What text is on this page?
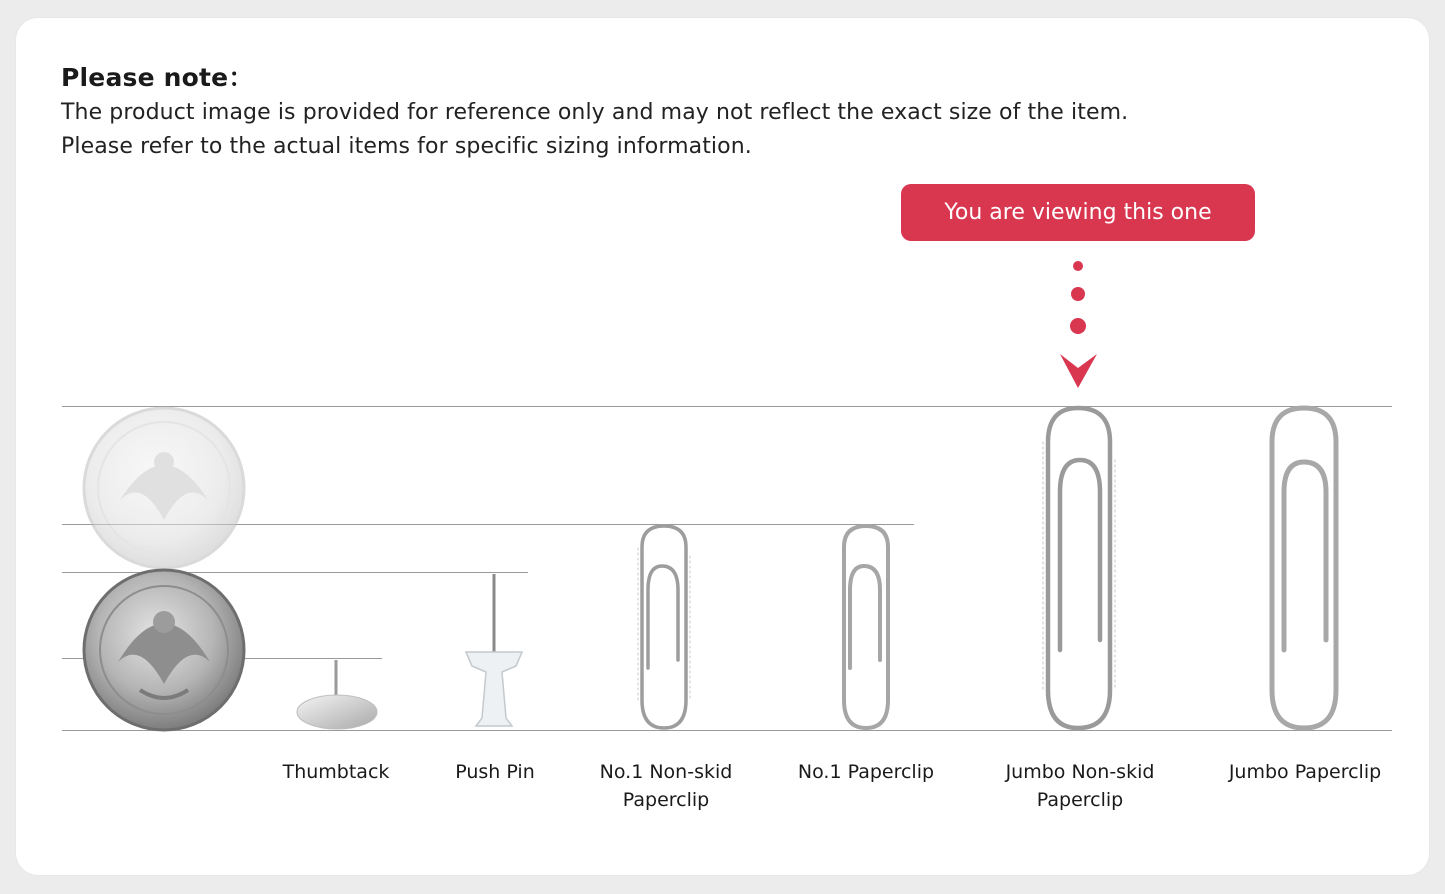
Please note：
The product image is provided for reference only and may not reflect the exact size of the item.
Please refer to the actual items for specific sizing information.
You are viewing this one
Thumbtack	Push Pin	No.1 Non-skid
Paperclip
No.1 Paperclip	Jumbo Non-skid
Paperclip
Jumbo Paperclip
